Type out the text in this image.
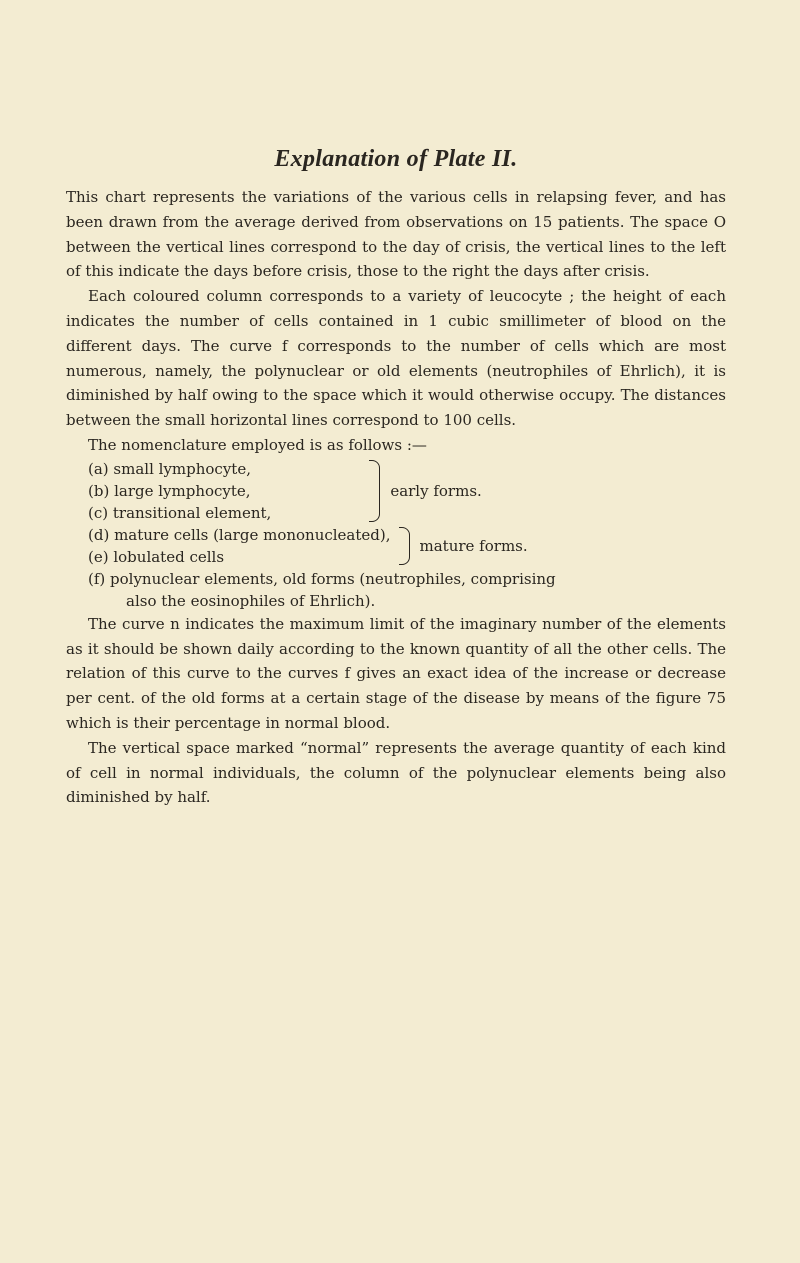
Explanation of Plate II.

This chart represents the variations of the various cells in relapsing fever, and has been drawn from the average derived from observations on 15 patients. The space O between the vertical lines correspond to the day of crisis, the vertical lines to the left of this indicate the days before crisis, those to the right the days after crisis.

Each coloured column corresponds to a variety of leucocyte ; the height of each indicates the number of cells contained in 1 cubic smillimeter of blood on the different days. The curve f corresponds to the number of cells which are most numerous, namely, the polynuclear or old elements (neutrophiles of Ehrlich), it is diminished by half owing to the space which it would otherwise occupy. The distances between the small horizontal lines correspond to 100 cells.

The nomenclature employed is as follows :—

(a) small lymphocyte,
(b) large lymphocyte,
(c) transitional element,
early forms.
(d) mature cells (large mononucleated),
(e) lobulated cells
mature forms.
(f) polynuclear elements, old forms (neutrophiles, comprising
also the eosinophiles of Ehrlich).

The curve n indicates the maximum limit of the imaginary number of the elements as it should be shown daily according to the known quantity of all the other cells. The relation of this curve to the curves f gives an exact idea of the increase or decrease per cent. of the old forms at a certain stage of the disease by means of the figure 75 which is their percentage in normal blood.

The vertical space marked “normal” represents the average quantity of each kind of cell in normal individuals, the column of the polynuclear elements being also diminished by half.
